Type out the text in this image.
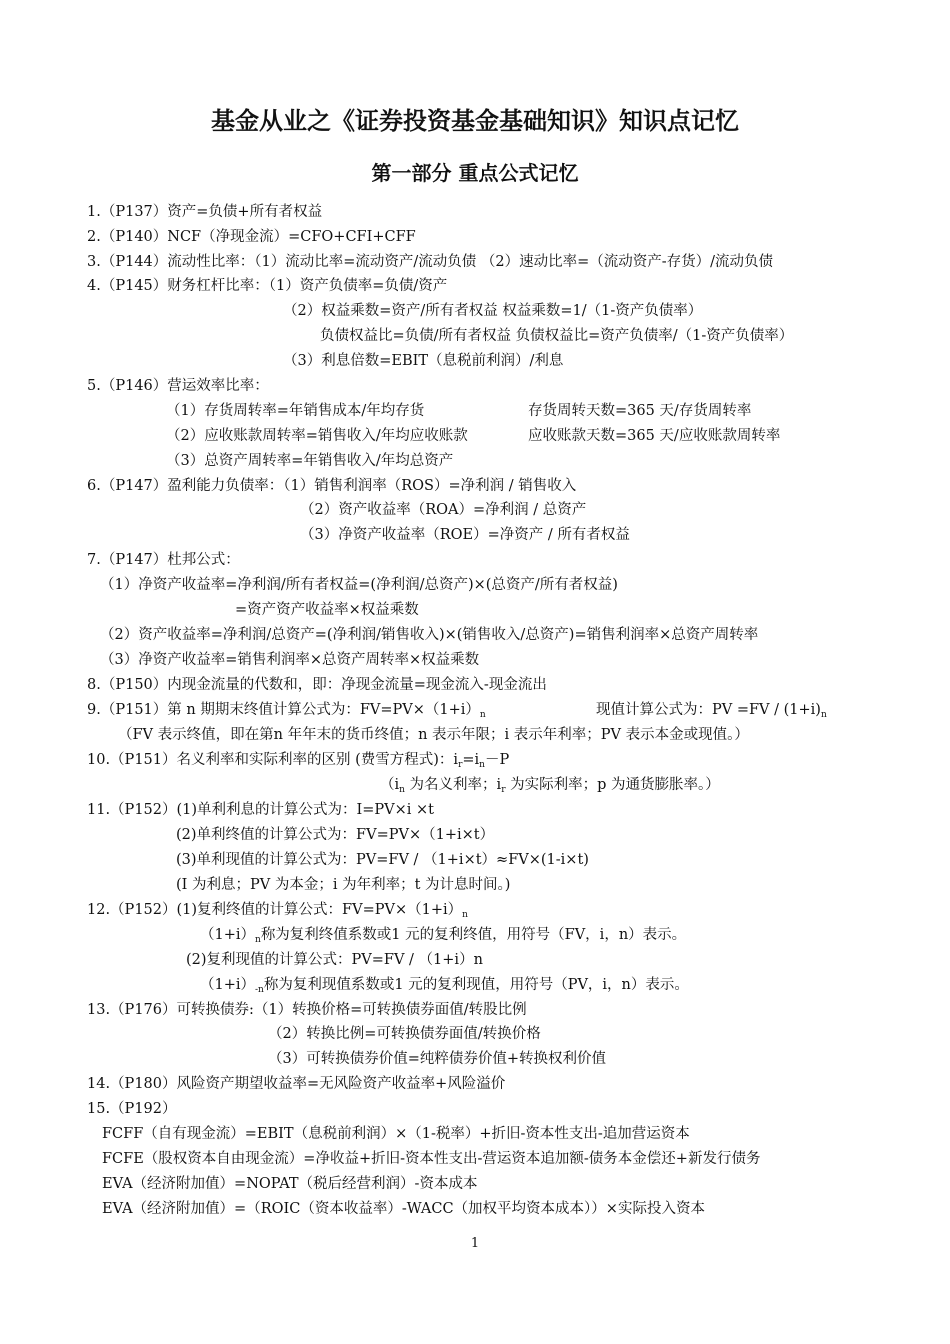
基金从业之《证券投资基金基础知识》知识点记忆
第一部分 重点公式记忆
1.（P137）资产=负债+所有者权益
2.（P140）NCF（净现金流）=CFO+CFI+CFF
3.（P144）流动性比率：（1）流动比率=流动资产/流动负债 （2）速动比率=（流动资产-存货）/流动负债
4.（P145）财务杠杆比率：（1）资产负债率=负债/资产
（2）权益乘数=资产/所有者权益 权益乘数=1/（1-资产负债率）
负债权益比=负债/所有者权益 负债权益比=资产负债率/（1-资产负债率）
（3）利息倍数=EBIT（息税前利润）/利息
5.（P146）营运效率比率：
（1）存货周转率=年销售成本/年均存货	存货周转天数=365 天/存货周转率
（2）应收账款周转率=销售收入/年均应收账款	应收账款天数=365 天/应收账款周转率
（3）总资产周转率=年销售收入/年均总资产
6.（P147）盈利能力负债率：（1）销售利润率（ROS）=净利润 / 销售收入
（2）资产收益率（ROA）=净利润 / 总资产
（3）净资产收益率（ROE）=净资产 / 所有者权益
7.（P147）杜邦公式：
（1）净资产收益率=净利润/所有者权益=(净利润/总资产)×(总资产/所有者权益)
=资产资产收益率×权益乘数
（2）资产收益率=净利润/总资产=(净利润/销售收入)×(销售收入/总资产)=销售利润率×总资产周转率
（3）净资产收益率=销售利润率×总资产周转率×权益乘数
8.（P150）内现金流量的代数和，即：净现金流量=现金流入-现金流出
9.（P151）第 n 期期末终值计算公式为：$FV=PV\times(1+i)_n$	现值计算公式为：PV $=FV / (1+i)_n$
（FV 表示终值，即在第n 年年末的货币终值；n 表示年限；i 表示年利率；PV 表示本金或现值。）
10.（P151）名义利率和实际利率的区别 (费雪方程式)：$i_r=i_n-P$
（$i_n$ 为名义利率；$i_r$ 为实际利率；p 为通货膨胀率。）
11.（P152）(1)单利利息的计算公式为：I=PV×i ×t
(2)单利终值的计算公式为：FV=PV×（1+i×t）
(3)单利现值的计算公式为：PV=FV / （1+i×t）≈FV×(1-i×t)
(I 为利息；PV 为本金；i 为年利率；t 为计息时间。)
12.（P152）(1)复利终值的计算公式：$FV=PV\times(1+i)_n$
$(1+i)_n$称为复利终值系数或1 元的复利终值，用符号（FV，i，n）表示。
(2)复利现值的计算公式：PV=FV / （1+i）n
$(1+i)_{-n}$称为复利现值系数或1 元的复利现值，用符号（PV，i，n）表示。
13.（P176）可转换债券:（1）转换价格=可转换债券面值/转股比例
（2）转换比例=可转换债券面值/转换价格
（3）可转换债券价值=纯粹债券价值+转换权利价值
14.（P180）风险资产期望收益率=无风险资产收益率+风险溢价
15.（P192）
FCFF（自有现金流）=EBIT（息税前利润）×（1-税率）+折旧-资本性支出-追加营运资本
FCFE（股权资本自由现金流）=净收益+折旧-资本性支出-营运资本追加额-债务本金偿还+新发行债务
EVA（经济附加值）=NOPAT（税后经营利润）-资本成本
EVA（经济附加值）=（ROIC（资本收益率）-WACC（加权平均资本成本））×实际投入资本
1
